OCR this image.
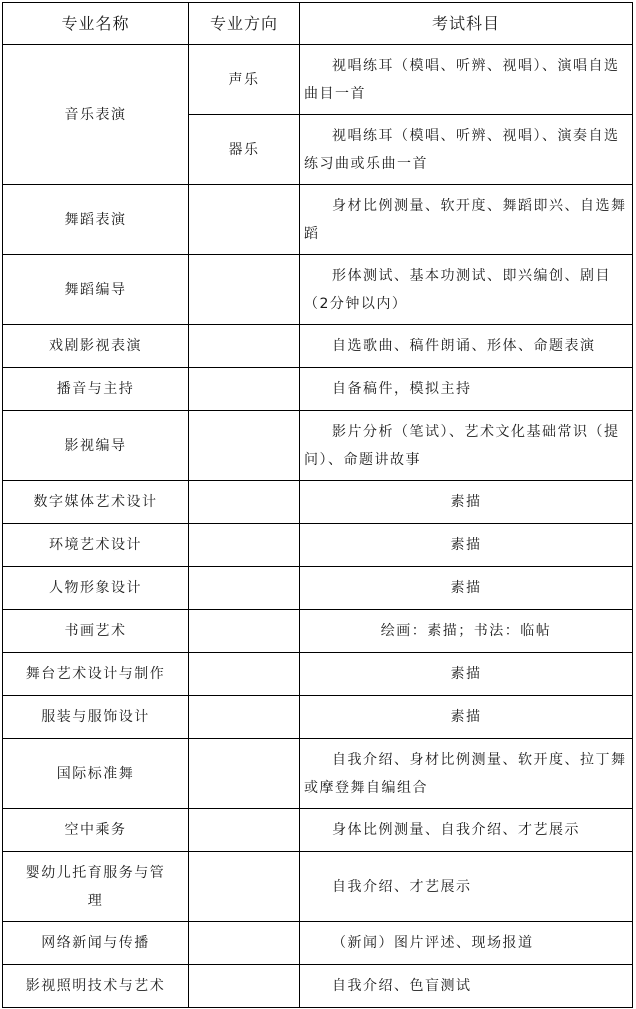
专业名称	专业方向	考试科目
音乐表演	声乐	视唱练耳（模唱、听辨、视唱）、演唱自选曲目一首
	器乐	视唱练耳（模唱、听辨、视唱）、演奏自选练习曲或乐曲一首
舞蹈表演		身材比例测量、软开度、舞蹈即兴、自选舞蹈
舞蹈编导		形体测试、基本功测试、即兴编创、剧目（2分钟以内）
戏剧影视表演		自选歌曲、稿件朗诵、形体、命题表演
播音与主持		自备稿件，模拟主持
影视编导		影片分析（笔试）、艺术文化基础常识（提问）、命题讲故事
数字媒体艺术设计		素描
环境艺术设计		素描
人物形象设计		素描
书画艺术		绘画：素描；书法：临帖
舞台艺术设计与制作		素描
服装与服饰设计		素描
国际标准舞		自我介绍、身材比例测量、软开度、拉丁舞或摩登舞自编组合
空中乘务		身体比例测量、自我介绍、才艺展示
婴幼儿托育服务与管理		自我介绍、才艺展示
网络新闻与传播		（新闻）图片评述、现场报道
影视照明技术与艺术		自我介绍、色盲测试
